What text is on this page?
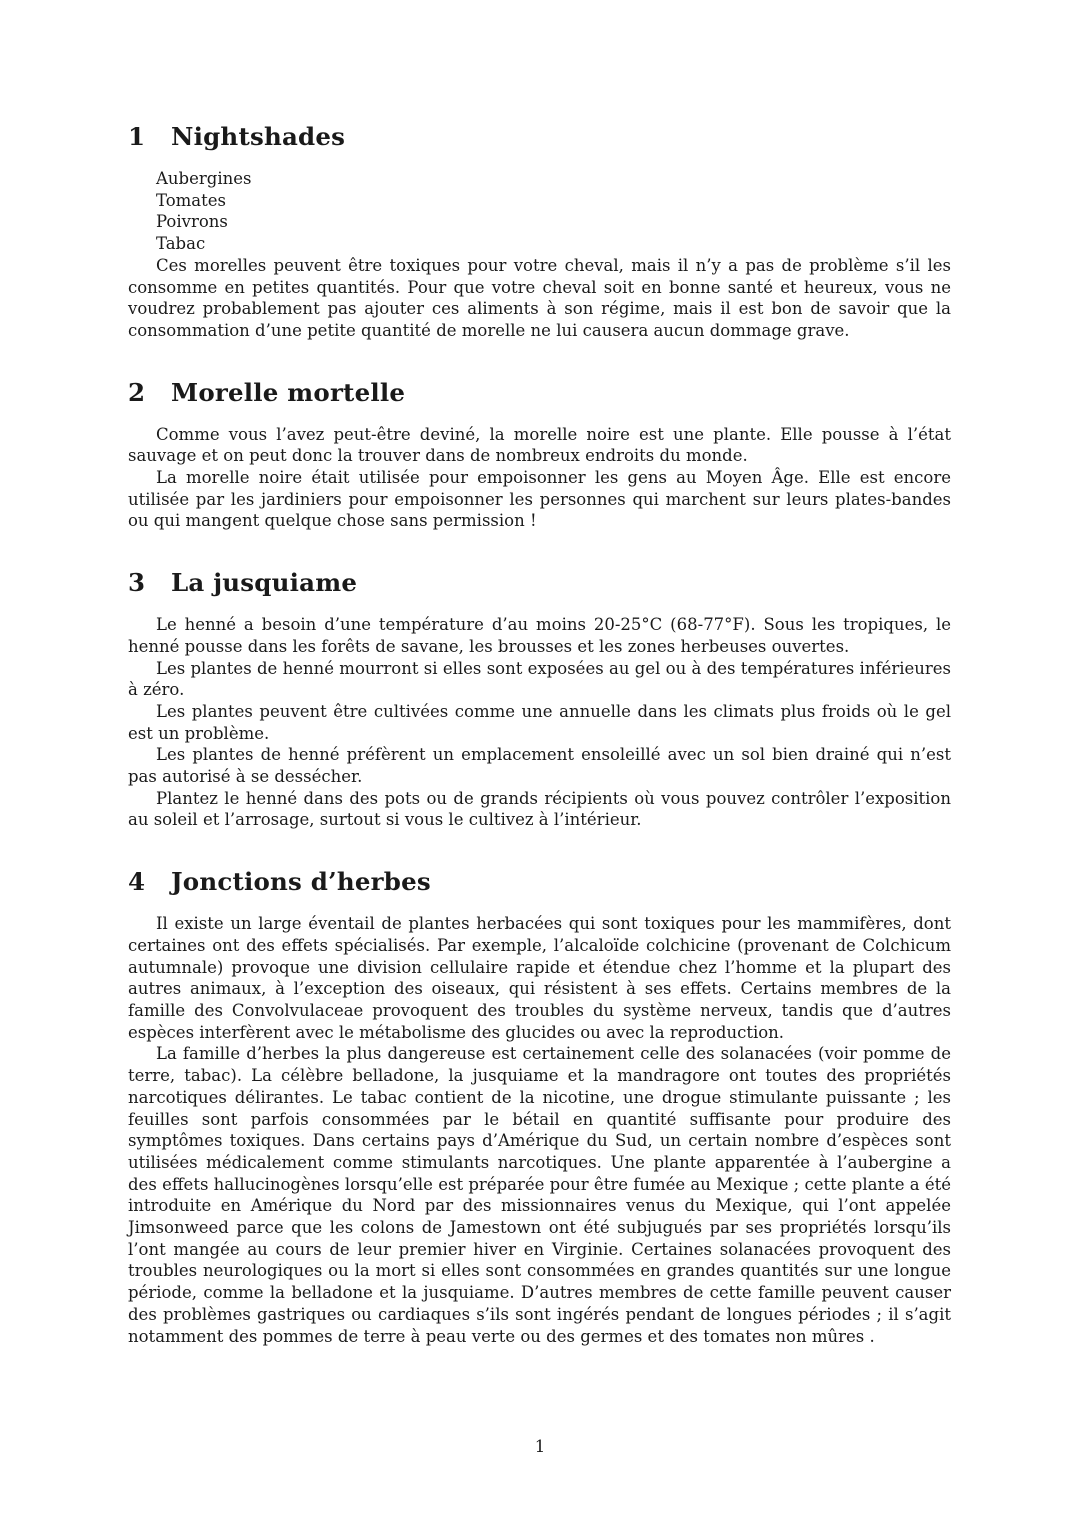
1	Nightshades
Aubergines
Tomates
Poivrons
Tabac

Ces morelles peuvent être toxiques pour votre cheval, mais il n’y a pas de problème s’il les consomme en petites quantités. Pour que votre cheval soit en bonne santé et heureux, vous ne voudrez probablement pas ajouter ces aliments à son régime, mais il est bon de savoir que la consommation d’une petite quantité de morelle ne lui causera aucun dommage grave.

2	Morelle mortelle

Comme vous l’avez peut-être deviné, la morelle noire est une plante. Elle pousse à l’état sauvage et on peut donc la trouver dans de nombreux endroits du monde.

La morelle noire était utilisée pour empoisonner les gens au Moyen Âge. Elle est encore utilisée par les jardiniers pour empoisonner les personnes qui marchent sur leurs plates-bandes ou qui mangent quelque chose sans permission !

3	La jusquiame

Le henné a besoin d’une température d’au moins 20-25°C (68-77°F). Sous les tropiques, le henné pousse dans les forêts de savane, les brousses et les zones herbeuses ouvertes.

Les plantes de henné mourront si elles sont exposées au gel ou à des températures inférieures à zéro.

Les plantes peuvent être cultivées comme une annuelle dans les climats plus froids où le gel est un problème.

Les plantes de henné préfèrent un emplacement ensoleillé avec un sol bien drainé qui n’est pas autorisé à se dessécher.

Plantez le henné dans des pots ou de grands récipients où vous pouvez contrôler l’exposition au soleil et l’arrosage, surtout si vous le cultivez à l’intérieur.

4	Jonctions d’herbes

Il existe un large éventail de plantes herbacées qui sont toxiques pour les mammifères, dont certaines ont des effets spécialisés. Par exemple, l’alcaloïde colchicine (provenant de Colchicum autumnale) provoque une division cellulaire rapide et étendue chez l’homme et la plupart des autres animaux, à l’exception des oiseaux, qui résistent à ses effets. Certains membres de la famille des Convolvulaceae provoquent des troubles du système nerveux, tandis que d’autres espèces interfèrent avec le métabolisme des glucides ou avec la reproduction.

La famille d’herbes la plus dangereuse est certainement celle des solanacées (voir pomme de terre, tabac). La célèbre belladone, la jusquiame et la mandragore ont toutes des propriétés narcotiques délirantes. Le tabac contient de la nicotine, une drogue stimulante puissante ; les feuilles sont parfois consommées par le bétail en quantité suffisante pour produire des symptômes toxiques. Dans certains pays d’Amérique du Sud, un certain nombre d’espèces sont utilisées médicalement comme stimulants narcotiques. Une plante apparentée à l’aubergine a des effets hallucinogènes lorsqu’elle est préparée pour être fumée au Mexique ; cette plante a été introduite en Amérique du Nord par des missionnaires venus du Mexique, qui l’ont appelée Jimsonweed parce que les colons de Jamestown ont été subjugués par ses propriétés lorsqu’ils l’ont mangée au cours de leur premier hiver en Virginie. Certaines solanacées provoquent des troubles neurologiques ou la mort si elles sont consommées en grandes quantités sur une longue période, comme la belladone et la jusquiame. D’autres membres de cette famille peuvent causer des problèmes gastriques ou cardiaques s’ils sont ingérés pendant de longues périodes ; il s’agit notamment des pommes de terre à peau verte ou des germes et des tomates non mûres .

1
